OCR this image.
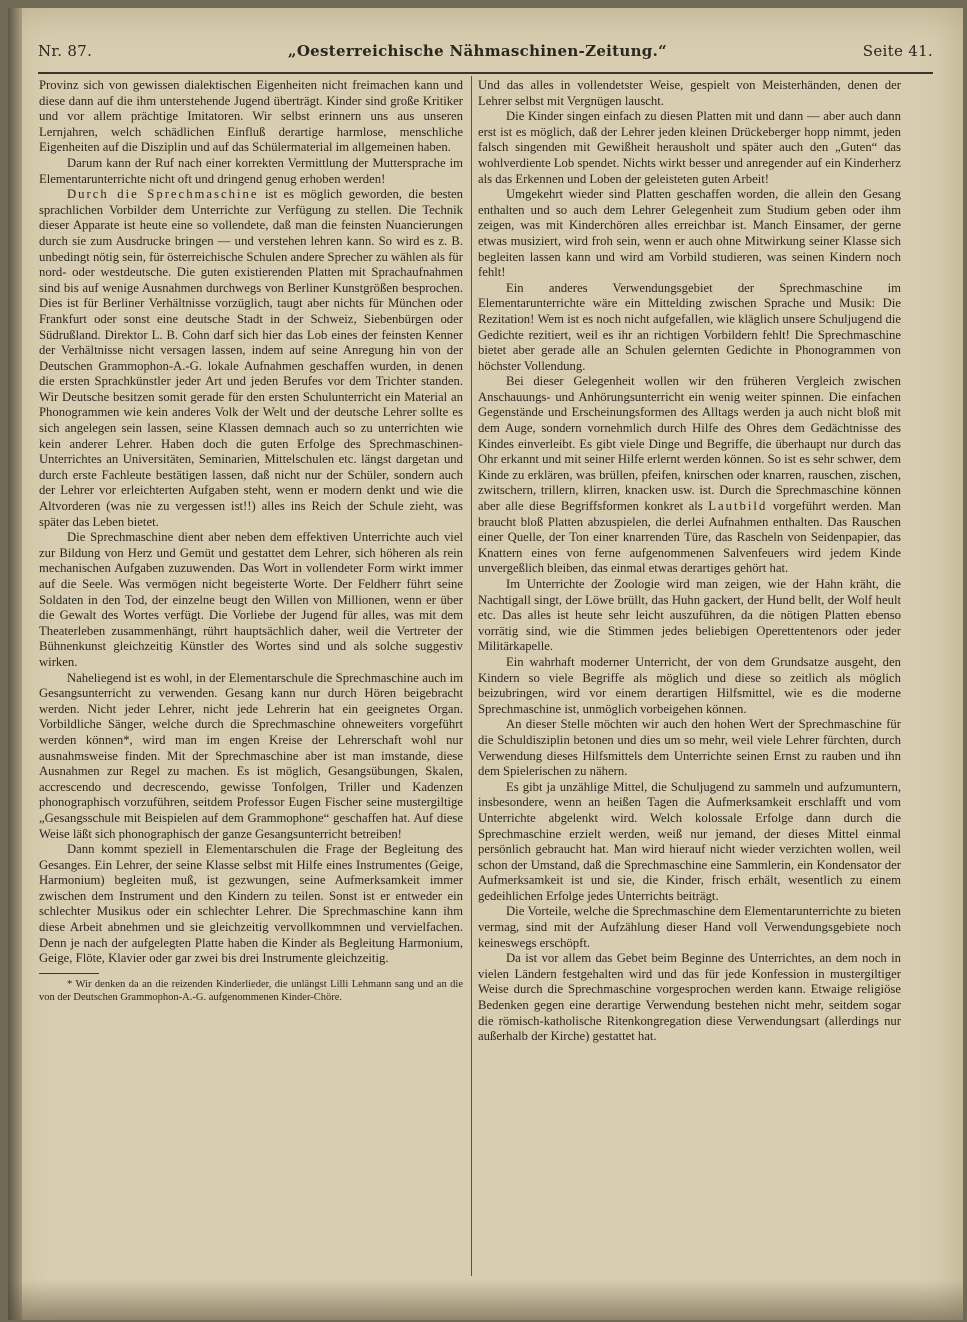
Nr. 87.	„Oesterreichische Nähmaschinen-Zeitung.“	Seite 41.

Provinz sich von gewissen dialektischen Eigenheiten nicht freimachen kann und diese dann auf die ihm unterstehende Jugend überträgt. Kinder sind große Kritiker und vor allem prächtige Imitatoren. Wir selbst erinnern uns aus unseren Lernjahren, welch schädlichen Einfluß derartige harmlose, menschliche Eigenheiten auf die Disziplin und auf das Schülermaterial im allgemeinen haben.

Darum kann der Ruf nach einer korrekten Vermittlung der Muttersprache im Elementarunterrichte nicht oft und dringend genug erhoben werden!

Durch die Sprechmaschine ist es möglich geworden, die besten sprachlichen Vorbilder dem Unterrichte zur Verfügung zu stellen. Die Technik dieser Apparate ist heute eine so vollendete, daß man die feinsten Nuancierungen durch sie zum Ausdrucke bringen — und verstehen lehren kann. So wird es z. B. unbedingt nötig sein, für österreichische Schulen andere Sprecher zu wählen als für nord- oder westdeutsche. Die guten existierenden Platten mit Sprachaufnahmen sind bis auf wenige Ausnahmen durchwegs von Berliner Kunstgrößen besprochen. Dies ist für Berliner Verhältnisse vorzüglich, taugt aber nichts für München oder Frankfurt oder sonst eine deutsche Stadt in der Schweiz, Siebenbürgen oder Südrußland. Direktor L. B. Cohn darf sich hier das Lob eines der feinsten Kenner der Verhältnisse nicht versagen lassen, indem auf seine Anregung hin von der Deutschen Grammophon-A.-G. lokale Aufnahmen geschaffen wurden, in denen die ersten Sprachkünstler jeder Art und jeden Berufes vor dem Trichter standen. Wir Deutsche besitzen somit gerade für den ersten Schulunterricht ein Material an Phonogrammen wie kein anderes Volk der Welt und der deutsche Lehrer sollte es sich angelegen sein lassen, seine Klassen demnach auch so zu unterrichten wie kein anderer Lehrer. Haben doch die guten Erfolge des Sprechmaschinen-Unterrichtes an Universitäten, Seminarien, Mittelschulen etc. längst dargetan und durch erste Fachleute bestätigen lassen, daß nicht nur der Schüler, sondern auch der Lehrer vor erleichterten Aufgaben steht, wenn er modern denkt und wie die Altvorderen (was nie zu vergessen ist!!) alles ins Reich der Schule zieht, was später das Leben bietet.

Die Sprechmaschine dient aber neben dem effektiven Unterrichte auch viel zur Bildung von Herz und Gemüt und gestattet dem Lehrer, sich höheren als rein mechanischen Aufgaben zuzuwenden. Das Wort in vollendeter Form wirkt immer auf die Seele. Was vermögen nicht begeisterte Worte. Der Feldherr führt seine Soldaten in den Tod, der einzelne beugt den Willen von Millionen, wenn er über die Gewalt des Wortes verfügt. Die Vorliebe der Jugend für alles, was mit dem Theaterleben zusammenhängt, rührt hauptsächlich daher, weil die Vertreter der Bühnenkunst gleichzeitig Künstler des Wortes sind und als solche suggestiv wirken.

Naheliegend ist es wohl, in der Elementarschule die Sprechmaschine auch im Gesangsunterricht zu verwenden. Gesang kann nur durch Hören beigebracht werden. Nicht jeder Lehrer, nicht jede Lehrerin hat ein geeignetes Organ. Vorbildliche Sänger, welche durch die Sprechmaschine ohneweiters vorgeführt werden können*, wird man im engen Kreise der Lehrerschaft wohl nur ausnahmsweise finden. Mit der Sprechmaschine aber ist man imstande, diese Ausnahmen zur Regel zu machen. Es ist möglich, Gesangsübungen, Skalen, accrescendo und decrescendo, gewisse Tonfolgen, Triller und Kadenzen phonographisch vorzuführen, seitdem Professor Eugen Fischer seine mustergiltige „Gesangsschule mit Beispielen auf dem Grammophone“ geschaffen hat. Auf diese Weise läßt sich phonographisch der ganze Gesangsunterricht betreiben!

Dann kommt speziell in Elementarschulen die Frage der Begleitung des Gesanges. Ein Lehrer, der seine Klasse selbst mit Hilfe eines Instrumentes (Geige, Harmonium) begleiten muß, ist gezwungen, seine Aufmerksamkeit immer zwischen dem Instrument und den Kindern zu teilen. Sonst ist er entweder ein schlechter Musikus oder ein schlechter Lehrer. Die Sprechmaschine kann ihm diese Arbeit abnehmen und sie gleichzeitig vervollkommnen und vervielfachen. Denn je nach der aufgelegten Platte haben die Kinder als Begleitung Harmonium, Geige, Flöte, Klavier oder gar zwei bis drei Instrumente gleichzeitig.

* Wir denken da an die reizenden Kinderlieder, die unlängst Lilli Lehmann sang und an die von der Deutschen Grammophon-A.-G. aufgenommenen Kinder-Chöre.

Und das alles in vollendetster Weise, gespielt von Meisterhänden, denen der Lehrer selbst mit Vergnügen lauscht.

Die Kinder singen einfach zu diesen Platten mit und dann — aber auch dann erst ist es möglich, daß der Lehrer jeden kleinen Drückeberger hopp nimmt, jeden falsch singenden mit Gewißheit herausholt und später auch den „Guten“ das wohlverdiente Lob spendet. Nichts wirkt besser und anregender auf ein Kinderherz als das Erkennen und Loben der geleisteten guten Arbeit!

Umgekehrt wieder sind Platten geschaffen worden, die allein den Gesang enthalten und so auch dem Lehrer Gelegenheit zum Studium geben oder ihm zeigen, was mit Kinderchören alles erreichbar ist. Manch Einsamer, der gerne etwas musiziert, wird froh sein, wenn er auch ohne Mitwirkung seiner Klasse sich begleiten lassen kann und wird am Vorbild studieren, was seinen Kindern noch fehlt!

Ein anderes Verwendungsgebiet der Sprechmaschine im Elementarunterrichte wäre ein Mittelding zwischen Sprache und Musik: Die Rezitation! Wem ist es noch nicht aufgefallen, wie kläglich unsere Schuljugend die Gedichte rezitiert, weil es ihr an richtigen Vorbildern fehlt! Die Sprechmaschine bietet aber gerade alle an Schulen gelernten Gedichte in Phonogrammen von höchster Vollendung.

Bei dieser Gelegenheit wollen wir den früheren Vergleich zwischen Anschauungs- und Anhörungsunterricht ein wenig weiter spinnen. Die einfachen Gegenstände und Erscheinungsformen des Alltags werden ja auch nicht bloß mit dem Auge, sondern vornehmlich durch Hilfe des Ohres dem Gedächtnisse des Kindes einverleibt. Es gibt viele Dinge und Begriffe, die überhaupt nur durch das Ohr erkannt und mit seiner Hilfe erlernt werden können. So ist es sehr schwer, dem Kinde zu erklären, was brüllen, pfeifen, knirschen oder knarren, rauschen, zischen, zwitschern, trillern, klirren, knacken usw. ist. Durch die Sprechmaschine können aber alle diese Begriffsformen konkret als Lautbild vorgeführt werden. Man braucht bloß Platten abzuspielen, die derlei Aufnahmen enthalten. Das Rauschen einer Quelle, der Ton einer knarrenden Türe, das Rascheln von Seidenpapier, das Knattern eines von ferne aufgenommenen Salvenfeuers wird jedem Kinde unvergeßlich bleiben, das einmal etwas derartiges gehört hat.

Im Unterrichte der Zoologie wird man zeigen, wie der Hahn kräht, die Nachtigall singt, der Löwe brüllt, das Huhn gackert, der Hund bellt, der Wolf heult etc. Das alles ist heute sehr leicht auszuführen, da die nötigen Platten ebenso vorrätig sind, wie die Stimmen jedes beliebigen Operettentenors oder jeder Militärkapelle.

Ein wahrhaft moderner Unterricht, der von dem Grundsatze ausgeht, den Kindern so viele Begriffe als möglich und diese so zeitlich als möglich beizubringen, wird vor einem derartigen Hilfsmittel, wie es die moderne Sprechmaschine ist, unmöglich vorbeigehen können.

An dieser Stelle möchten wir auch den hohen Wert der Sprechmaschine für die Schuldisziplin betonen und dies um so mehr, weil viele Lehrer fürchten, durch Verwendung dieses Hilfsmittels dem Unterrichte seinen Ernst zu rauben und ihn dem Spielerischen zu nähern.

Es gibt ja unzählige Mittel, die Schuljugend zu sammeln und aufzumuntern, insbesondere, wenn an heißen Tagen die Aufmerksamkeit erschlafft und vom Unterrichte abgelenkt wird. Welch kolossale Erfolge dann durch die Sprechmaschine erzielt werden, weiß nur jemand, der dieses Mittel einmal persönlich gebraucht hat. Man wird hierauf nicht wieder verzichten wollen, weil schon der Umstand, daß die Sprechmaschine eine Sammlerin, ein Kondensator der Aufmerksamkeit ist und sie, die Kinder, frisch erhält, wesentlich zu einem gedeihlichen Erfolge jedes Unterrichts beiträgt.

Die Vorteile, welche die Sprechmaschine dem Elementarunterrichte zu bieten vermag, sind mit der Aufzählung dieser Hand voll Verwendungsgebiete noch keineswegs erschöpft.

Da ist vor allem das Gebet beim Beginne des Unterrichtes, an dem noch in vielen Ländern festgehalten wird und das für jede Konfession in mustergiltiger Weise durch die Sprechmaschine vorgesprochen werden kann. Etwaige religiöse Bedenken gegen eine derartige Verwendung bestehen nicht mehr, seitdem sogar die römisch-katholische Ritenkongregation diese Verwendungsart (allerdings nur außerhalb der Kirche) gestattet hat.
